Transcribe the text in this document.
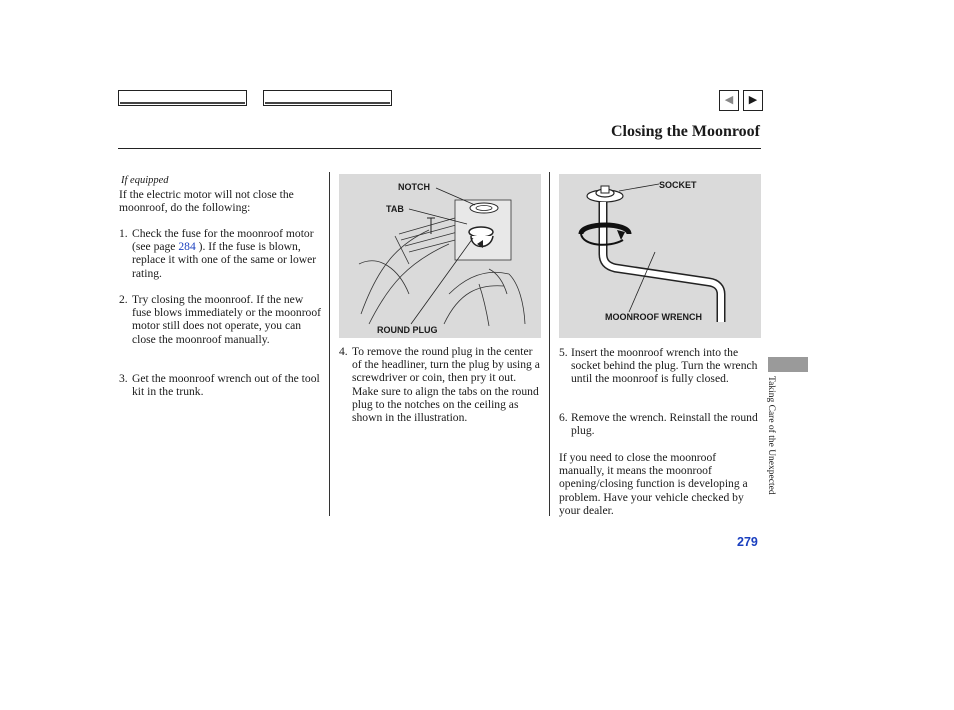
◀	▶
Closing the Moonroof
If equipped
If the electric motor will not close the moonroof, do the following:
1. Check the fuse for the moonroof motor (see page 284 ). If the fuse is blown, replace it with one of the same or lower rating.
2. Try closing the moonroof. If the new fuse blows immediately or the moonroof motor still does not operate, you can close the moonroof manually.
3. Get the moonroof wrench out of the tool kit in the trunk.
NOTCH
TAB
ROUND PLUG
4. To remove the round plug in the center of the headliner, turn the plug by using a screwdriver or coin, then pry it out. Make sure to align the tabs on the round plug to the notches on the ceiling as shown in the illustration.
SOCKET
MOONROOF WRENCH
5. Insert the moonroof wrench into the socket behind the plug. Turn the wrench until the moonroof is fully closed.
6. Remove the wrench. Reinstall the round plug.
If you need to close the moonroof manually, it means the moonroof opening/closing function is developing a problem. Have your vehicle checked by your dealer.
Taking Care of the Unexpected
279
